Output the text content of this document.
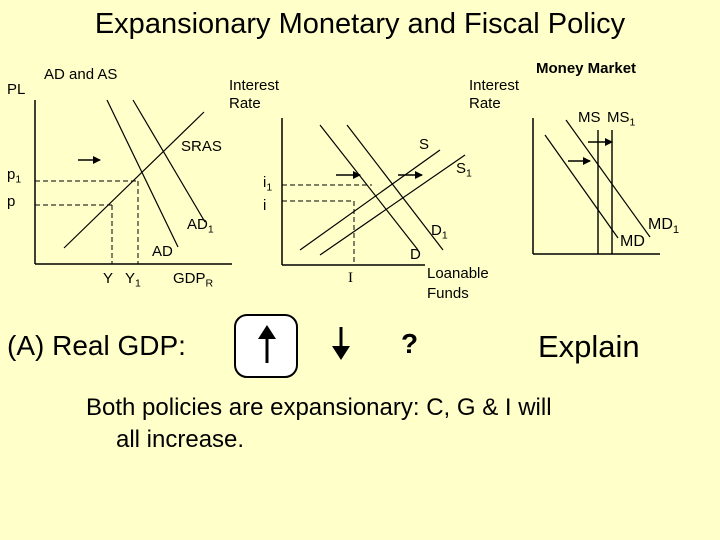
Expansionary Monetary and Fiscal Policy
PL
AD and AS
SRAS
$p_1$
p
$AD_1$
AD
Y $Y_1$ $GDP_R$
Interest
Rate
S
$S_1$
$i_1$
i
$D_1$
D
I	Loanable
Funds
Interest
Rate
Money Market
MS $MS_1$
$MD_1$
MD
(A) Real GDP:	?	Explain
Both policies are expansionary: C, G & I will
all increase.
